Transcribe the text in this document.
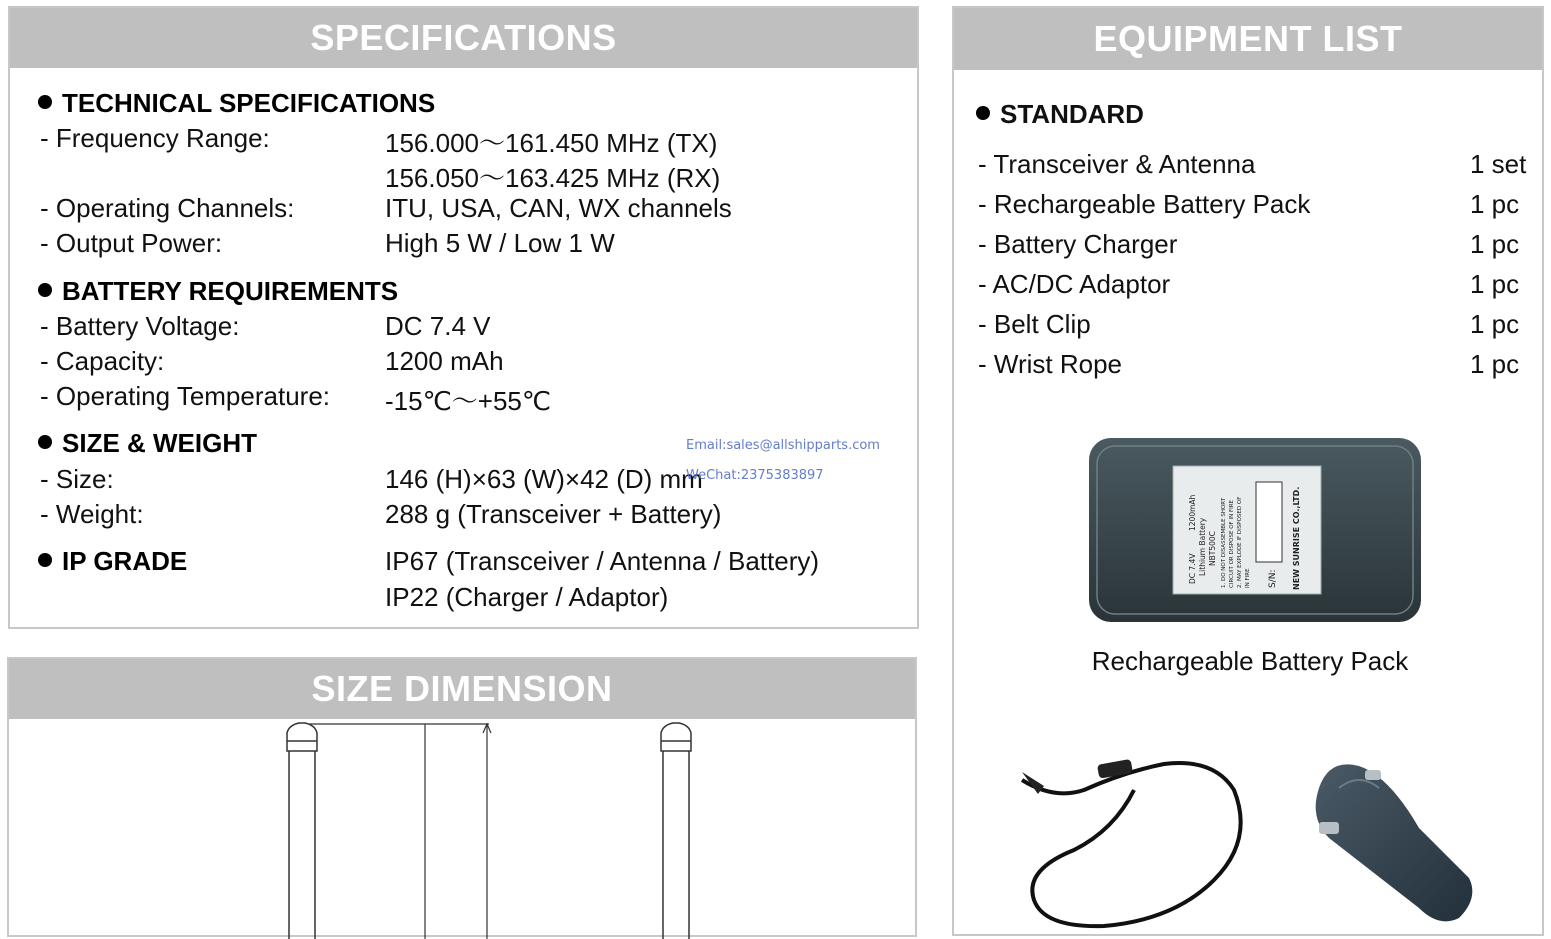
SPECIFICATIONS
TECHNICAL SPECIFICATIONS
- Frequency Range:	156.000～161.450 MHz (TX)
156.050～163.425 MHz (RX)
- Operating Channels:	ITU, USA, CAN, WX channels
- Output Power:	High 5 W / Low 1 W
BATTERY REQUIREMENTS
- Battery Voltage:	DC 7.4 V
- Capacity:	1200 mAh
- Operating Temperature: -15℃～+55℃
SIZE & WEIGHT
- Size:	146 (H)×63 (W)×42 (D) mm
- Weight:	288 g (Transceiver + Battery)
IP GRADE	IP67 (Transceiver / Antenna / Battery)
IP22 (Charger / Adaptor)
Email:sales@allshipparts.com
WeChat:2375383897
SIZE DIMENSION
EQUIPMENT LIST
STANDARD
- Transceiver & Antenna	1 set
- Rechargeable Battery Pack	1 pc
- Battery Charger	1 pc
- AC/DC Adaptor	1 pc
- Belt Clip	1 pc
- Wrist Rope	1 pc
DC 7.4V
1200mAh
Lithium Battery NBT500C 1. DO NOT DISASSEMBLE SHORT CIRCUIT OR DISPOSE OF IN FIRE 2. MAY EXPLODE IF DISPOSED OF IN FIRE S/N: NEW SUNRISE CO.,LTD.
Rechargeable Battery Pack
